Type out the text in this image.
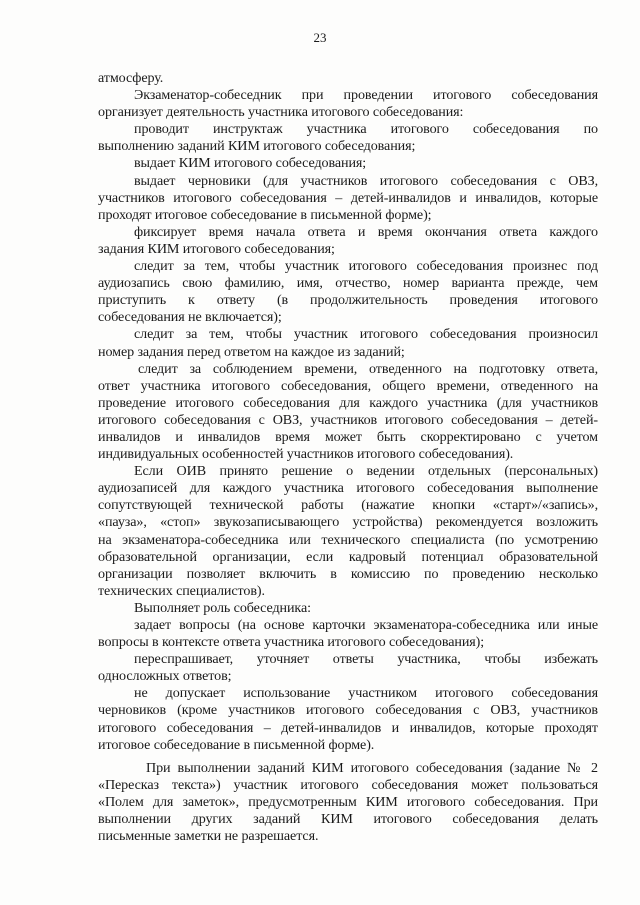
23
атмосферу.
Экзаменатор-собеседник при проведении итогового собеседования
организует деятельность участника итогового собеседования:
проводит инструктаж участника итогового собеседования по
выполнению заданий КИМ итогового собеседования;
выдает КИМ итогового собеседования;
выдает черновики (для участников итогового собеседования с ОВЗ,
участников итогового собеседования – детей-инвалидов и инвалидов, которые
проходят итоговое собеседование в письменной форме);
фиксирует время начала ответа и время окончания ответа каждого
задания КИМ итогового собеседования;
следит за тем, чтобы участник итогового собеседования произнес под
аудиозапись свою фамилию, имя, отчество, номер варианта прежде, чем
приступить к ответу (в продолжительность проведения итогового
собеседования не включается);
следит за тем, чтобы участник итогового собеседования произносил
номер задания перед ответом на каждое из заданий;
следит за соблюдением времени, отведенного на подготовку ответа,
ответ участника итогового собеседования, общего времени, отведенного на
проведение итогового собеседования для каждого участника (для участников
итогового собеседования с ОВЗ, участников итогового собеседования – детей-
инвалидов и инвалидов время может быть скорректировано с учетом
индивидуальных особенностей участников итогового собеседования).
Если ОИВ принято решение о ведении отдельных (персональных)
аудиозаписей для каждого участника итогового собеседования выполнение
сопутствующей технической работы (нажатие кнопки «старт»/«запись»,
«пауза», «стоп» звукозаписывающего устройства) рекомендуется возложить
на экзаменатора-собеседника или технического специалиста (по усмотрению
образовательной организации, если кадровый потенциал образовательной
организации позволяет включить в комиссию по проведению несколько
технических специалистов).
Выполняет роль собеседника:
задает вопросы (на основе карточки экзаменатора-собеседника или иные
вопросы в контексте ответа участника итогового собеседования);
переспрашивает, уточняет ответы участника, чтобы избежать
односложных ответов;
не допускает использование участником итогового собеседования
черновиков (кроме участников итогового собеседования с ОВЗ, участников
итогового собеседования – детей-инвалидов и инвалидов, которые проходят
итоговое собеседование в письменной форме).
При выполнении заданий КИМ итогового собеседования (задание № 2
«Пересказ текста») участник итогового собеседования может пользоваться
«Полем для заметок», предусмотренным КИМ итогового собеседования. При
выполнении других заданий КИМ итогового собеседования делать
письменные заметки не разрешается.
